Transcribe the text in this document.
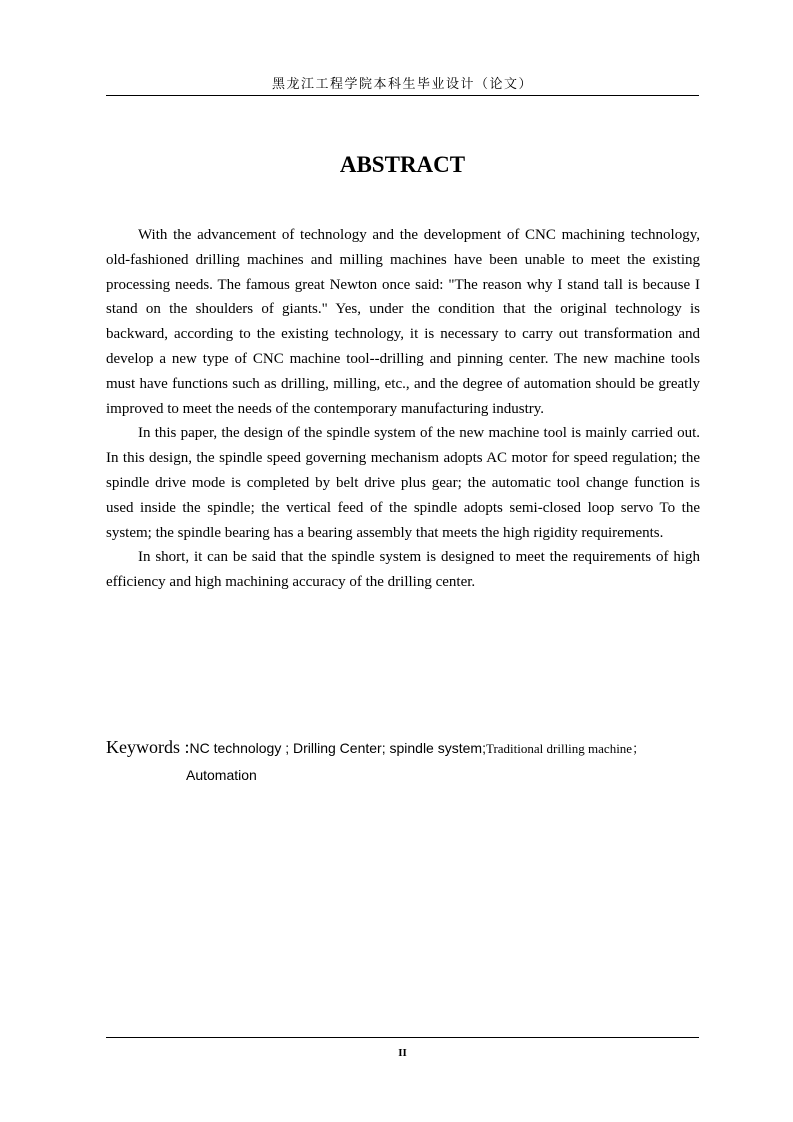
黑龙江工程学院本科生毕业设计（论文）
ABSTRACT

With the advancement of technology and the development of CNC machining technology, old-fashioned drilling machines and milling machines have been unable to meet the existing processing needs. The famous great Newton once said: "The reason why I stand tall is because I stand on the shoulders of giants." Yes, under the condition that the original technology is backward, according to the existing technology, it is necessary to carry out transformation and develop a new type of CNC machine tool--drilling and pinning center. The new machine tools must have functions such as drilling, milling, etc., and the degree of automation should be greatly improved to meet the needs of the contemporary manufacturing industry.

In this paper, the design of the spindle system of the new machine tool is mainly carried out. In this design, the spindle speed governing mechanism adopts AC motor for speed regulation; the spindle drive mode is completed by belt drive plus gear; the automatic tool change function is used inside the spindle; the vertical feed of the spindle adopts semi-closed loop servo To the system; the spindle bearing has a bearing assembly that meets the high rigidity requirements.

In short, it can be said that the spindle system is designed to meet the requirements of high efficiency and high machining accuracy of the drilling center.

Keywords :NC technology ; Drilling Center; spindle system;Traditional drilling machine；
Automation
II
